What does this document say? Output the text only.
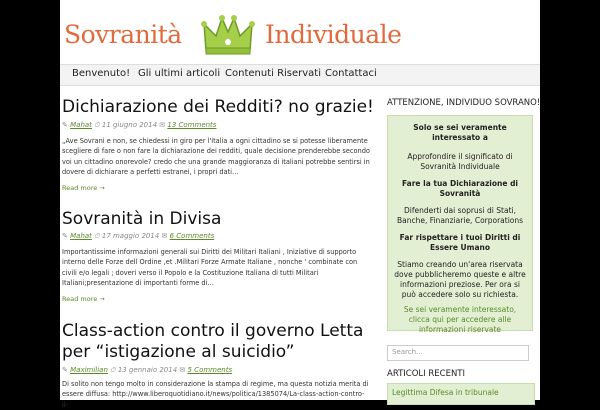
Sovranità	Individuale
Benvenuto! Gli ultimi articoli Contenuti Riservati Contattaci
Dichiarazione dei Redditi? no grazie!
✎ Mahat ⏱ 11 giugno 2014 ✉ 13 Comments
„Ave Sovrani e non, se chiedessi in giro per l'italia a ogni cittadino se si potesse liberamente scegliere di fare o non fare la dichiarazione dei redditi, quale decisione prenderebbe secondo voi un cittadino onorevole? credo che una grande maggioranza di italiani potrebbe sentirsi in dovere di dichiarare a perfetti estranei, i propri dati…
Read more →
Sovranità in Divisa
✎ Mahat ⏱ 17 maggio 2014 ✉ 6 Comments
Importantissime informazioni generali sui Diritti dei Militari Italiani , Iniziative di supporto interno delle Forze dell Ordine ,et .Militari Forze Armate Italiane , nonche ' combinate con civili e/o legali ; doveri verso il Popolo e la Costituzione Italiana di tutti Militari Italiani;presentazione di importanti forme di…
Read more →
Class-action contro il governo Letta
per “istigazione al suicidio”
✎ Maximilian ⏱ 13 gennaio 2014 ✉ 5 Comments
Di solito non tengo molto in considerazione la stampa di regime, ma questa notizia merita di essere diffusa: http://www.liberoquotidiano.it/news/politica/1385074/La-class-action-contro-il-
ATTENZIONE, INDIVIDUO SOVRANO!
Solo se sei veramente
interessato a
Approfondire il significato di
Sovranità Individuale
Fare la tua Dichiarazione di
Sovranità
Difenderti dai soprusi di Stati,
Banche, Finanziarie, Corporations
Far rispettare i tuoi Diritti di
Essere Umano
Stiamo creando un'area riservata
dove pubblicheremo queste e altre
informazioni preziose. Per ora si
può accedere solo su richiesta.
Se sei veramente interessato,
clicca qui per accedere alle
informazioni riservate
Search…
ARTICOLI RECENTI
Legittima Difesa in tribunale
